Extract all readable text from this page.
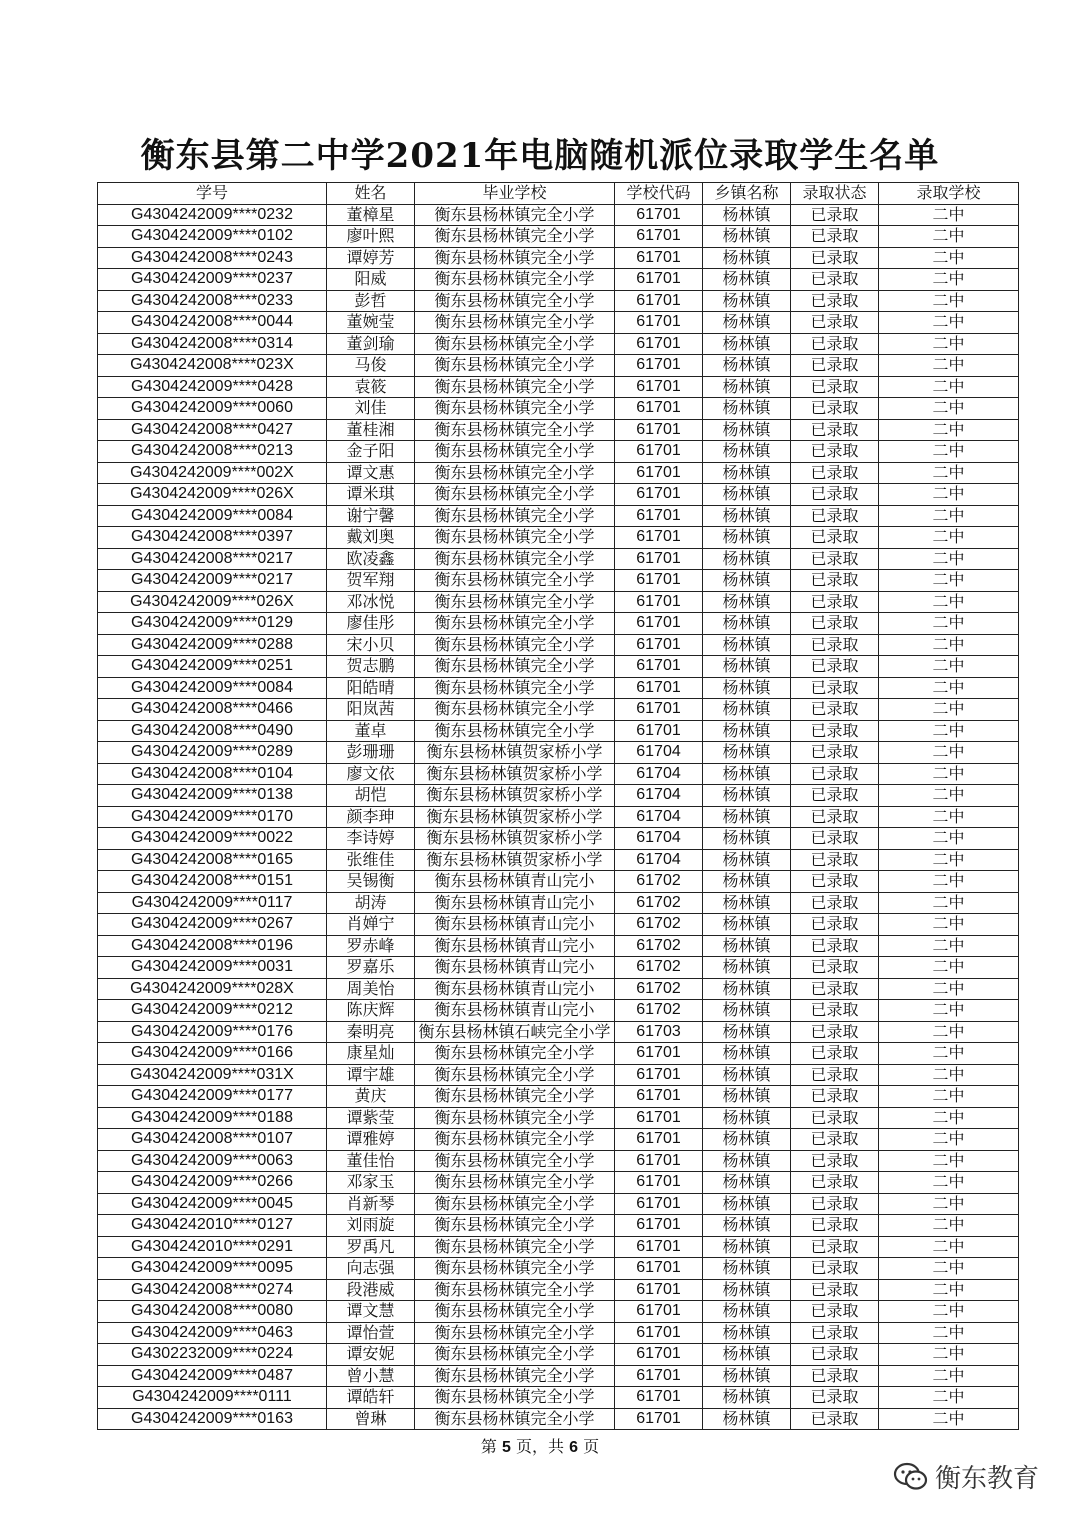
衡东县第二中学2021年电脑随机派位录取学生名单
学号	姓名	毕业学校	学校代码	乡镇名称	录取状态	录取学校
G4304242009****0232	董樟星	衡东县杨林镇完全小学	61701	杨林镇	已录取	二中
G4304242009****0102	廖叶熙	衡东县杨林镇完全小学	61701	杨林镇	已录取	二中
G4304242008****0243	谭婷芳	衡东县杨林镇完全小学	61701	杨林镇	已录取	二中
G4304242009****0237	阳威	衡东县杨林镇完全小学	61701	杨林镇	已录取	二中
G4304242008****0233	彭哲	衡东县杨林镇完全小学	61701	杨林镇	已录取	二中
G4304242008****0044	董婉莹	衡东县杨林镇完全小学	61701	杨林镇	已录取	二中
G4304242008****0314	董剑瑜	衡东县杨林镇完全小学	61701	杨林镇	已录取	二中
G4304242008****023X	马俊	衡东县杨林镇完全小学	61701	杨林镇	已录取	二中
G4304242009****0428	袁筱	衡东县杨林镇完全小学	61701	杨林镇	已录取	二中
G4304242009****0060	刘佳	衡东县杨林镇完全小学	61701	杨林镇	已录取	二中
G4304242008****0427	董桂湘	衡东县杨林镇完全小学	61701	杨林镇	已录取	二中
G4304242008****0213	金子阳	衡东县杨林镇完全小学	61701	杨林镇	已录取	二中
G4304242009****002X	谭文惠	衡东县杨林镇完全小学	61701	杨林镇	已录取	二中
G4304242009****026X	谭米琪	衡东县杨林镇完全小学	61701	杨林镇	已录取	二中
G4304242009****0084	谢宁馨	衡东县杨林镇完全小学	61701	杨林镇	已录取	二中
G4304242008****0397	戴刘奥	衡东县杨林镇完全小学	61701	杨林镇	已录取	二中
G4304242008****0217	欧凌鑫	衡东县杨林镇完全小学	61701	杨林镇	已录取	二中
G4304242009****0217	贺军翔	衡东县杨林镇完全小学	61701	杨林镇	已录取	二中
G4304242009****026X	邓冰悦	衡东县杨林镇完全小学	61701	杨林镇	已录取	二中
G4304242009****0129	廖佳彤	衡东县杨林镇完全小学	61701	杨林镇	已录取	二中
G4304242009****0288	宋小贝	衡东县杨林镇完全小学	61701	杨林镇	已录取	二中
G4304242009****0251	贺志鹏	衡东县杨林镇完全小学	61701	杨林镇	已录取	二中
G4304242009****0084	阳皓晴	衡东县杨林镇完全小学	61701	杨林镇	已录取	二中
G4304242008****0466	阳岚茜	衡东县杨林镇完全小学	61701	杨林镇	已录取	二中
G4304242008****0490	董卓	衡东县杨林镇完全小学	61701	杨林镇	已录取	二中
G4304242009****0289	彭珊珊	衡东县杨林镇贺家桥小学	61704	杨林镇	已录取	二中
G4304242008****0104	廖文依	衡东县杨林镇贺家桥小学	61704	杨林镇	已录取	二中
G4304242009****0138	胡恺	衡东县杨林镇贺家桥小学	61704	杨林镇	已录取	二中
G4304242009****0170	颜李珅	衡东县杨林镇贺家桥小学	61704	杨林镇	已录取	二中
G4304242009****0022	李诗婷	衡东县杨林镇贺家桥小学	61704	杨林镇	已录取	二中
G4304242008****0165	张维佳	衡东县杨林镇贺家桥小学	61704	杨林镇	已录取	二中
G4304242008****0151	吴锡衡	衡东县杨林镇青山完小	61702	杨林镇	已录取	二中
G4304242009****0117	胡涛	衡东县杨林镇青山完小	61702	杨林镇	已录取	二中
G4304242009****0267	肖婵宁	衡东县杨林镇青山完小	61702	杨林镇	已录取	二中
G4304242008****0196	罗赤峰	衡东县杨林镇青山完小	61702	杨林镇	已录取	二中
G4304242009****0031	罗嘉乐	衡东县杨林镇青山完小	61702	杨林镇	已录取	二中
G4304242009****028X	周美怡	衡东县杨林镇青山完小	61702	杨林镇	已录取	二中
G4304242009****0212	陈庆辉	衡东县杨林镇青山完小	61702	杨林镇	已录取	二中
G4304242009****0176	秦明亮	衡东县杨林镇石峡完全小学	61703	杨林镇	已录取	二中
G4304242009****0166	康星灿	衡东县杨林镇完全小学	61701	杨林镇	已录取	二中
G4304242009****031X	谭宇雄	衡东县杨林镇完全小学	61701	杨林镇	已录取	二中
G4304242009****0177	黄庆	衡东县杨林镇完全小学	61701	杨林镇	已录取	二中
G4304242009****0188	谭紫莹	衡东县杨林镇完全小学	61701	杨林镇	已录取	二中
G4304242008****0107	谭雅婷	衡东县杨林镇完全小学	61701	杨林镇	已录取	二中
G4304242009****0063	董佳怡	衡东县杨林镇完全小学	61701	杨林镇	已录取	二中
G4304242009****0266	邓家玉	衡东县杨林镇完全小学	61701	杨林镇	已录取	二中
G4304242009****0045	肖新琴	衡东县杨林镇完全小学	61701	杨林镇	已录取	二中
G4304242010****0127	刘雨旋	衡东县杨林镇完全小学	61701	杨林镇	已录取	二中
G4304242010****0291	罗禹凡	衡东县杨林镇完全小学	61701	杨林镇	已录取	二中
G4304242009****0095	向志强	衡东县杨林镇完全小学	61701	杨林镇	已录取	二中
G4304242008****0274	段港威	衡东县杨林镇完全小学	61701	杨林镇	已录取	二中
G4304242008****0080	谭文慧	衡东县杨林镇完全小学	61701	杨林镇	已录取	二中
G4304242009****0463	谭怡萱	衡东县杨林镇完全小学	61701	杨林镇	已录取	二中
G4302232009****0224	谭安妮	衡东县杨林镇完全小学	61701	杨林镇	已录取	二中
G4304242009****0487	曾小慧	衡东县杨林镇完全小学	61701	杨林镇	已录取	二中
G4304242009****0111	谭皓轩	衡东县杨林镇完全小学	61701	杨林镇	已录取	二中
G4304242009****0163	曾琳	衡东县杨林镇完全小学	61701	杨林镇	已录取	二中
第 5 页，共 6 页
衡东教育
